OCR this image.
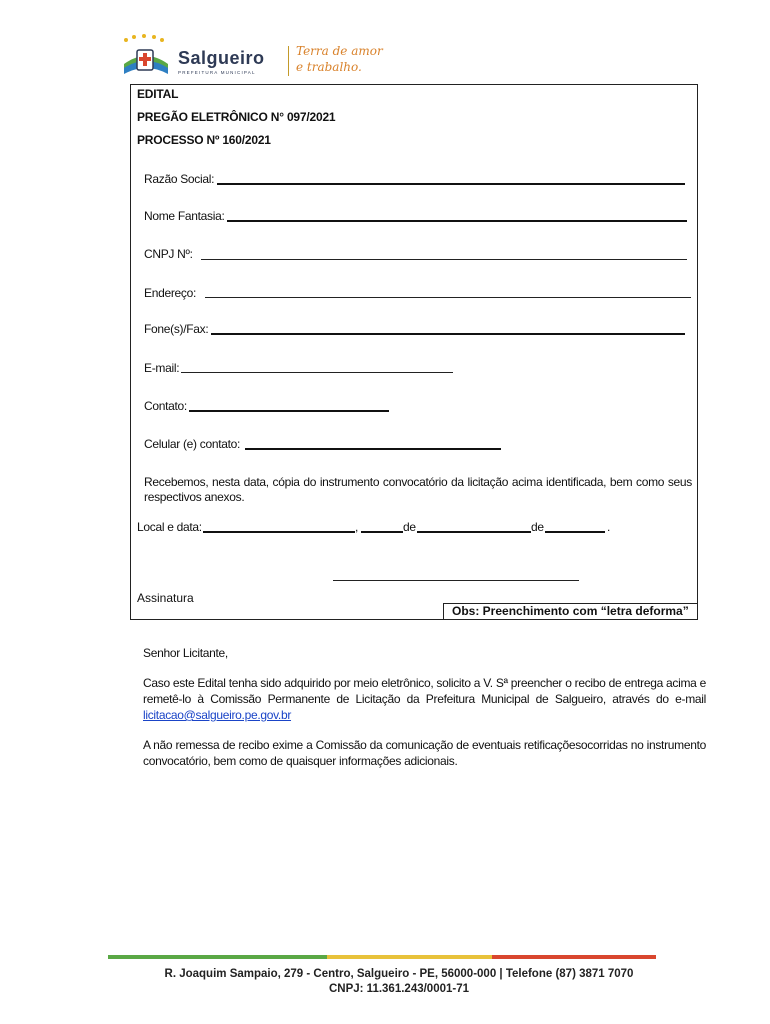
Salgueiro
PREFEITURA MUNICIPAL
Terra de amor
e trabalho.
EDITAL
PREGÃO ELETRÔNICO N° 097/2021
PROCESSO Nº 160/2021
Razão Social:
Nome Fantasia:
CNPJ Nº:
Endereço:
Fone(s)/Fax:
E-mail:
Contato:
Celular (e) contato:
Recebemos, nesta data, cópia do instrumento convocatório da licitação acima identificada, bem como seus respectivos anexos.
Local e data:	,	de	de	.
Assinatura
Obs: Preenchimento com “letra deforma”
Senhor Licitante,
Caso este Edital tenha sido adquirido por meio eletrônico, solicito a V. Sª preencher o recibo de entrega acima e remetê-lo à Comissão Permanente de Licitação da Prefeitura Municipal de Salgueiro, através do e-mail licitacao@salgueiro.pe.gov.br
A não remessa de recibo exime a Comissão da comunicação de eventuais retificaçõesocorridas no instrumento convocatório, bem como de quaisquer informações adicionais.
R. Joaquim Sampaio, 279 - Centro, Salgueiro - PE, 56000-000 | Telefone (87) 3871 7070
CNPJ: 11.361.243/0001-71
